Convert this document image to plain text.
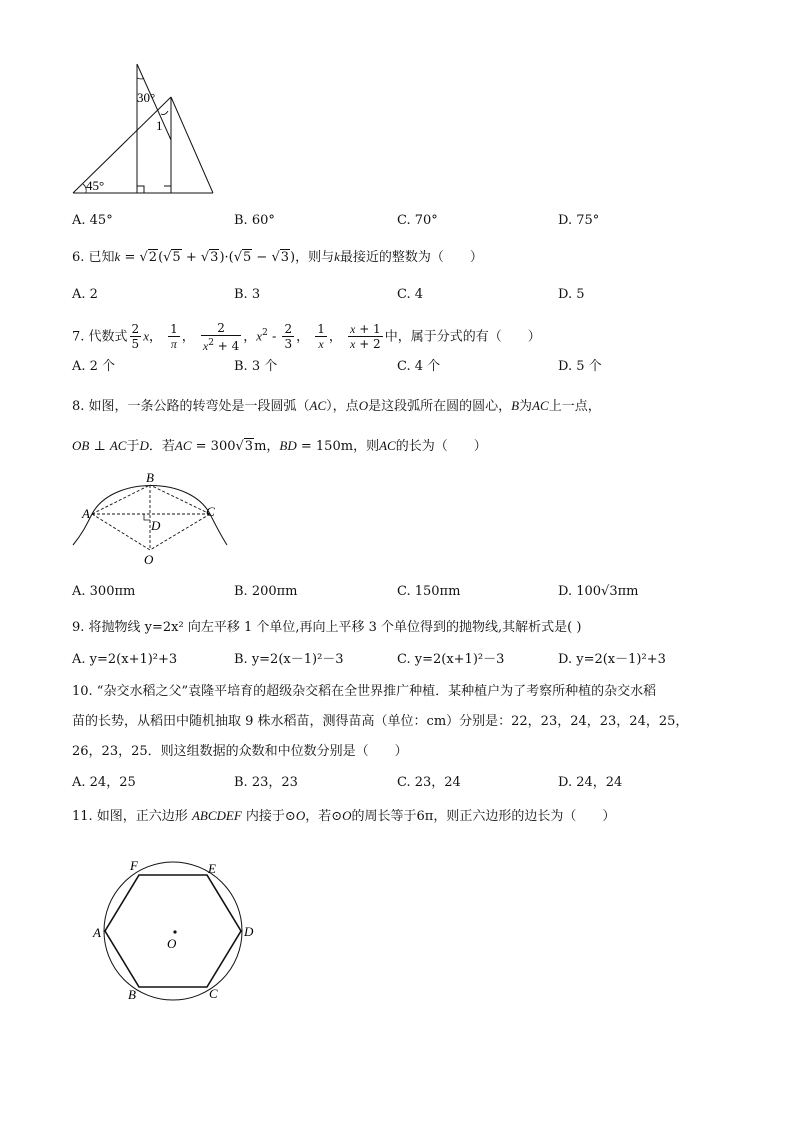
30°
1
45°
A. 45°	B. 60°	C. 70°	D. 75°
6. 已知k = √2(√5 + √3)·(√5 − √3)，则与k最接近的整数为（　　）
A. 2	B. 3	C. 4	D. 5
7. 代数式 $\frac{2}{5}$ x， $\frac{1}{\pi}$ ， $\frac{2}{x^2 + 4}$ ，$x^2 - \frac{2}{3}$ ， $\frac{1}{x}$ ， $\frac{x + 1}{x + 2}$ 中，属于分式的有（　　）
A. 2 个	B. 3 个	C. 4 个	D. 5 个
8. 如图，一条公路的转弯处是一段圆弧（AC），点O是这段弧所在圆的圆心，B为AC上一点，
OB ⊥ AC于D．若AC = 300√3m，BD = 150m，则AC的长为（　　）
B
A	C
D
O
A. 300πm	B. 200πm	C. 150πm	D. 100√3πm
9. 将抛物线 y=2x² 向左平移 1 个单位,再向上平移 3 个单位得到的抛物线,其解析式是( )
A. y=2(x+1)²+3	B. y=2(x－1)²－3	C. y=2(x+1)²－3	D. y=2(x－1)²+3
10. “杂交水稻之父”袁隆平培育的超级杂交稻在全世界推广种植．某种植户为了考察所种植的杂交水稻
苗的长势，从稻田中随机抽取 9 株水稻苗，测得苗高（单位：cm）分别是：22，23，24，23，24，25，
26，23，25．则这组数据的众数和中位数分别是（　　）
A. 24，25	B. 23，23	C. 23，24	D. 24，24
11. 如图，正六边形 ABCDEF 内接于⊙O，若⊙O的周长等于6π，则正六边形的边长为（　　）
F	E
A	D
B	C
O
